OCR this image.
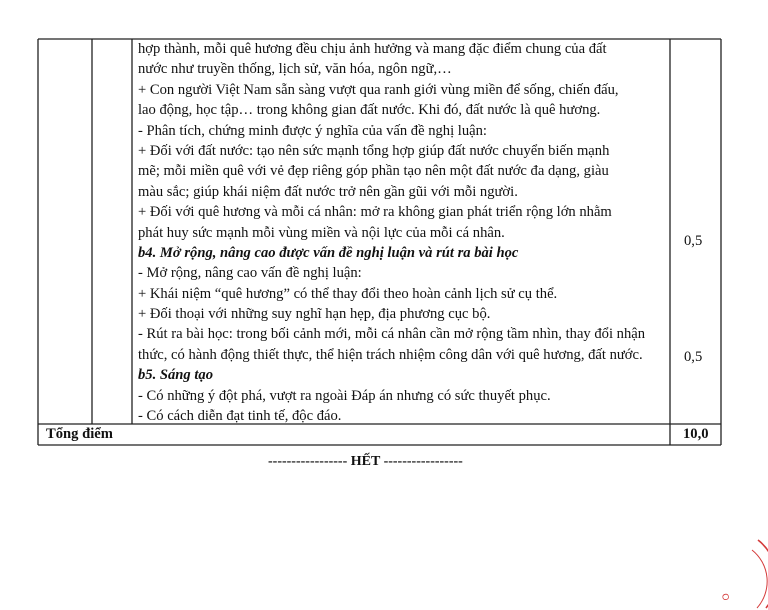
hợp thành, mỗi quê hương đều chịu ảnh hưởng và mang đặc điểm chung của đất
nước như truyền thống, lịch sử, văn hóa, ngôn ngữ,…
+ Con người Việt Nam sẵn sàng vượt qua ranh giới vùng miền để sống, chiến đấu,
lao động, học tập… trong không gian đất nước. Khi đó, đất nước là quê hương.
- Phân tích, chứng minh được ý nghĩa của vấn đề nghị luận:
+ Đối với đất nước: tạo nên sức mạnh tổng hợp giúp đất nước chuyển biến mạnh
mẽ; mỗi miền quê với vẻ đẹp riêng góp phần tạo nên một đất nước đa dạng, giàu
màu sắc; giúp khái niệm đất nước trở nên gần gũi với mỗi người.
+ Đối với quê hương và mỗi cá nhân: mở ra không gian phát triển rộng lớn nhằm
phát huy sức mạnh mỗi vùng miền và nội lực của mỗi cá nhân.
b4. Mở rộng, nâng cao được vấn đề nghị luận và rút ra bài học
- Mở rộng, nâng cao vấn đề nghị luận:
+ Khái niệm “quê hương” có thể thay đổi theo hoàn cảnh lịch sử cụ thể.
+ Đối thoại với những suy nghĩ hạn hẹp, địa phương cục bộ.
- Rút ra bài học: trong bối cảnh mới, mỗi cá nhân cần mở rộng tầm nhìn, thay đổi nhận
thức, có hành động thiết thực, thể hiện trách nhiệm công dân với quê hương, đất nước.
b5. Sáng tạo
- Có những ý đột phá, vượt ra ngoài Đáp án nhưng có sức thuyết phục.
- Có cách diễn đạt tinh tế, độc đáo.
0,5
0,5
Tổng điểm	10,0
----------------- HẾT -----------------
O
